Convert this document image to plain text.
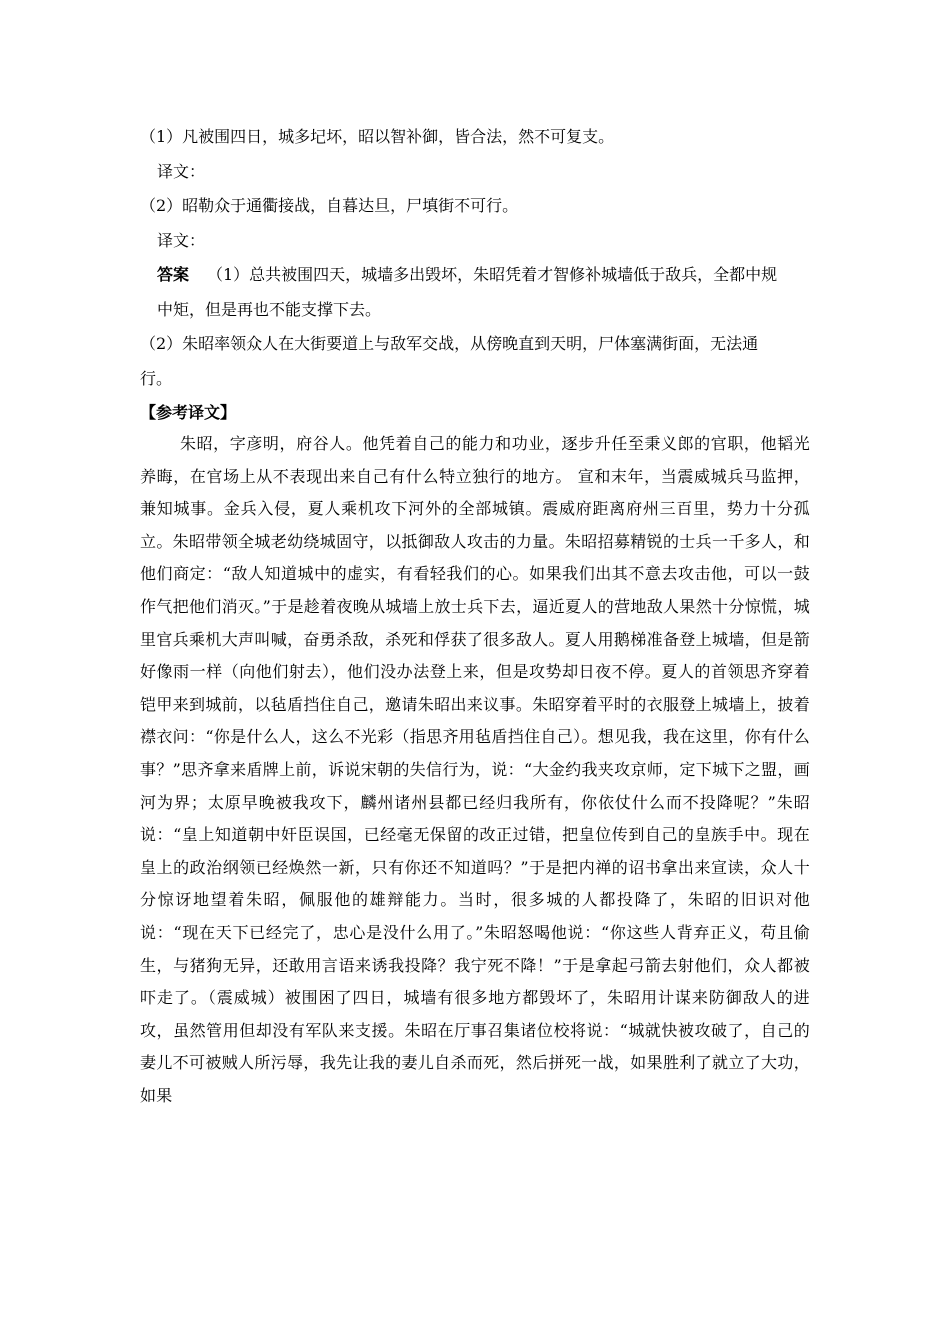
（1）凡被围四日，城多圮坏，昭以智补御，皆合法，然不可复支。
译文：
（2）昭勒众于通衢接战，自暮达旦，尸填街不可行。
译文：
答案 （1）总共被围四天，城墙多出毁坏，朱昭凭着才智修补城墙低于敌兵，全都中规
中矩，但是再也不能支撑下去。
（2）朱昭率领众人在大街要道上与敌军交战，从傍晚直到天明，尸体塞满街面，无法通
行。
【参考译文】
朱昭，字彦明，府谷人。他凭着自己的能力和功业，逐步升任至秉义郎的官职，他韬光养晦，在官场上从不表现出来自己有什么特立独行的地方。 宣和末年，当震威城兵马监押，兼知城事。金兵入侵，夏人乘机攻下河外的全部城镇。震威府距离府州三百里，势力十分孤立。朱昭带领全城老幼绕城固守，以抵御敌人攻击的力量。朱昭招募精锐的士兵一千多人，和他们商定：“敌人知道城中的虚实，有看轻我们的心。如果我们出其不意去攻击他，可以一鼓作气把他们消灭。”于是趁着夜晚从城墙上放士兵下去，逼近夏人的营地敌人果然十分惊慌，城里官兵乘机大声叫喊，奋勇杀敌，杀死和俘获了很多敌人。夏人用鹅梯准备登上城墙，但是箭好像雨一样（向他们射去），他们没办法登上来，但是攻势却日夜不停。夏人的首领思齐穿着铠甲来到城前，以毡盾挡住自己，邀请朱昭出来议事。朱昭穿着平时的衣服登上城墙上，披着襟衣问：“你是什么人，这么不光彩（指思齐用毡盾挡住自己）。想见我，我在这里，你有什么事？”思齐拿来盾牌上前，诉说宋朝的失信行为，说：“大金约我夹攻京师，定下城下之盟，画河为界；太原早晚被我攻下，麟州诸州县都已经归我所有，你依仗什么而不投降呢？”朱昭说：“皇上知道朝中奸臣误国，已经毫无保留的改正过错，把皇位传到自己的皇族手中。现在皇上的政治纲领已经焕然一新，只有你还不知道吗？”于是把内禅的诏书拿出来宣读，众人十分惊讶地望着朱昭，佩服他的雄辩能力。当时，很多城的人都投降了，朱昭的旧识对他说：“现在天下已经完了，忠心是没什么用了。”朱昭怒喝他说：“你这些人背弃正义，苟且偷生，与猪狗无异，还敢用言语来诱我投降？我宁死不降！”于是拿起弓箭去射他们，众人都被吓走了。（震威城）被围困了四日，城墙有很多地方都毁坏了，朱昭用计谋来防御敌人的进攻，虽然管用但却没有军队来支援。朱昭在厅事召集诸位校将说：“城就快被攻破了，自己的妻儿不可被贼人所污辱，我先让我的妻儿自杀而死，然后拼死一战，如果胜利了就立了大功，如果
